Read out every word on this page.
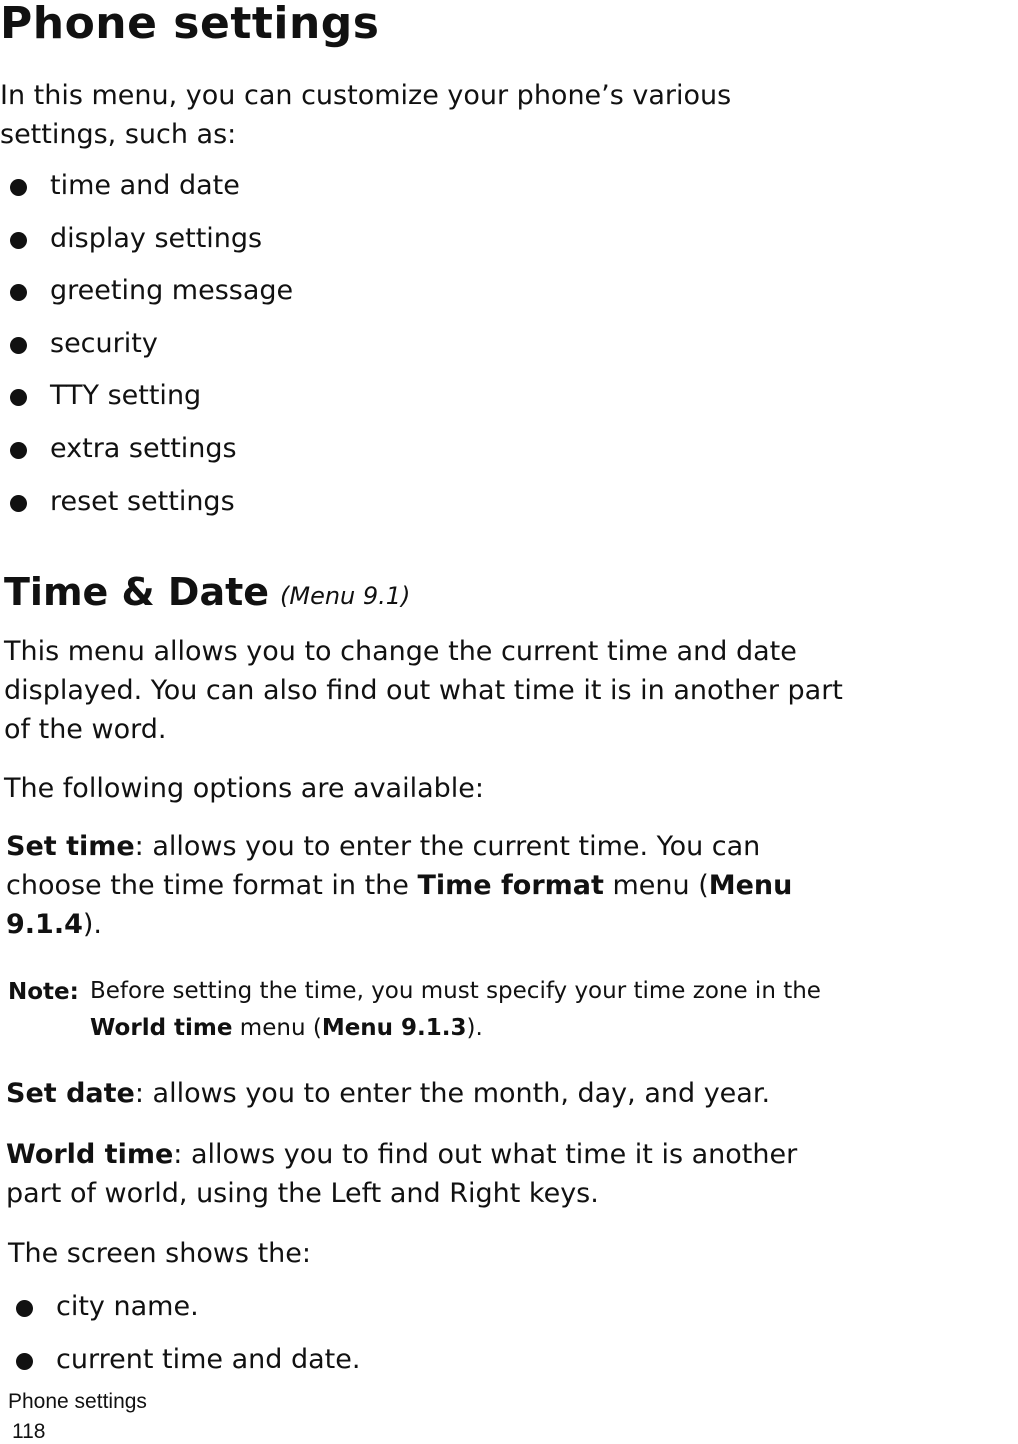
Phone settings

In this menu, you can customize your phone’s various
settings, such as:

time and date
display settings
greeting message
security
TTY setting
extra settings
reset settings
Time & Date (Menu 9.1)

This menu allows you to change the current time and date
displayed. You can also find out what time it is in another part
of the word.

The following options are available:

Set time: allows you to enter the current time. You can
choose the time format in the Time format menu (Menu
9.1.4).

Note: Before setting the time, you must specify your time zone in the
World time menu (Menu 9.1.3).

Set date: allows you to enter the month, day, and year.

World time: allows you to find out what time it is another
part of world, using the Left and Right keys.

The screen shows the:

city name.
current time and date.
Phone settings
118
